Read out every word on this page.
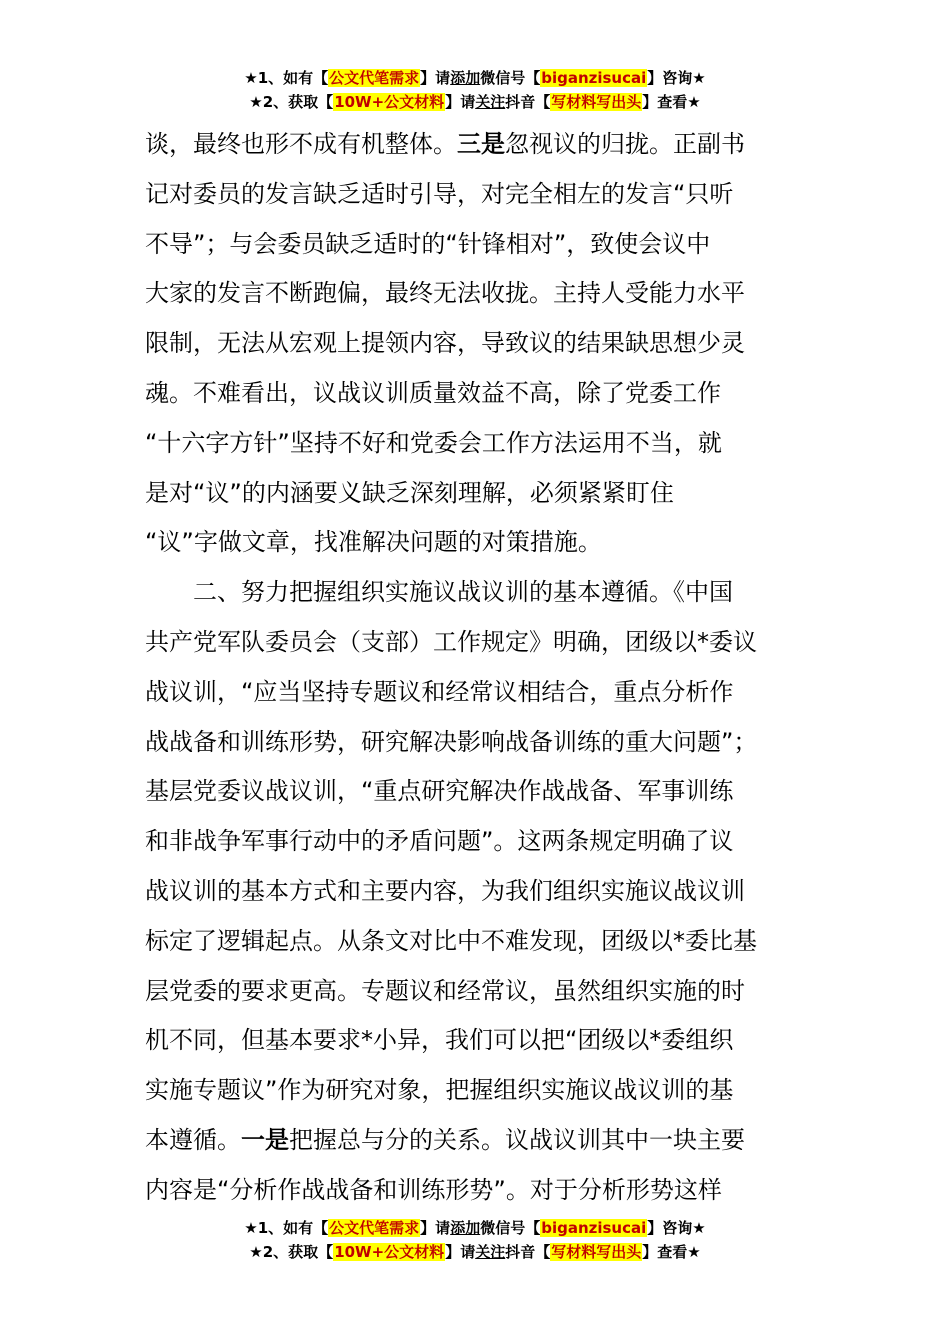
★1、如有【公文代笔需求】请添加微信号【biganzisucai】咨询★
★2、获取【10W+公文材料】请关注抖音【写材料写出头】查看★
谈，最终也形不成有机整体。三是忽视议的归拢。正副书
记对委员的发言缺乏适时引导，对完全相左的发言“只听
不导”；与会委员缺乏适时的“针锋相对”，致使会议中
大家的发言不断跑偏，最终无法收拢。主持人受能力水平
限制，无法从宏观上提领内容，导致议的结果缺思想少灵
魂。不难看出，议战议训质量效益不高，除了党委工作
“十六字方针”坚持不好和党委会工作方法运用不当，就
是对“议”的内涵要义缺乏深刻理解，必须紧紧盯住
“议”字做文章，找准解决问题的对策措施。
　　二、努力把握组织实施议战议训的基本遵循。《中国
共产党军队委员会（支部）工作规定》明确，团级以*委议
战议训，“应当坚持专题议和经常议相结合，重点分析作
战战备和训练形势，研究解决影响战备训练的重大问题”；
基层党委议战议训，“重点研究解决作战战备、军事训练
和非战争军事行动中的矛盾问题”。这两条规定明确了议
战议训的基本方式和主要内容，为我们组织实施议战议训
标定了逻辑起点。从条文对比中不难发现，团级以*委比基
层党委的要求更高。专题议和经常议，虽然组织实施的时
机不同，但基本要求*小异，我们可以把“团级以*委组织
实施专题议”作为研究对象，把握组织实施议战议训的基
本遵循。一是把握总与分的关系。议战议训其中一块主要
内容是“分析作战战备和训练形势”。对于分析形势这样
★1、如有【公文代笔需求】请添加微信号【biganzisucai】咨询★
★2、获取【10W+公文材料】请关注抖音【写材料写出头】查看★
